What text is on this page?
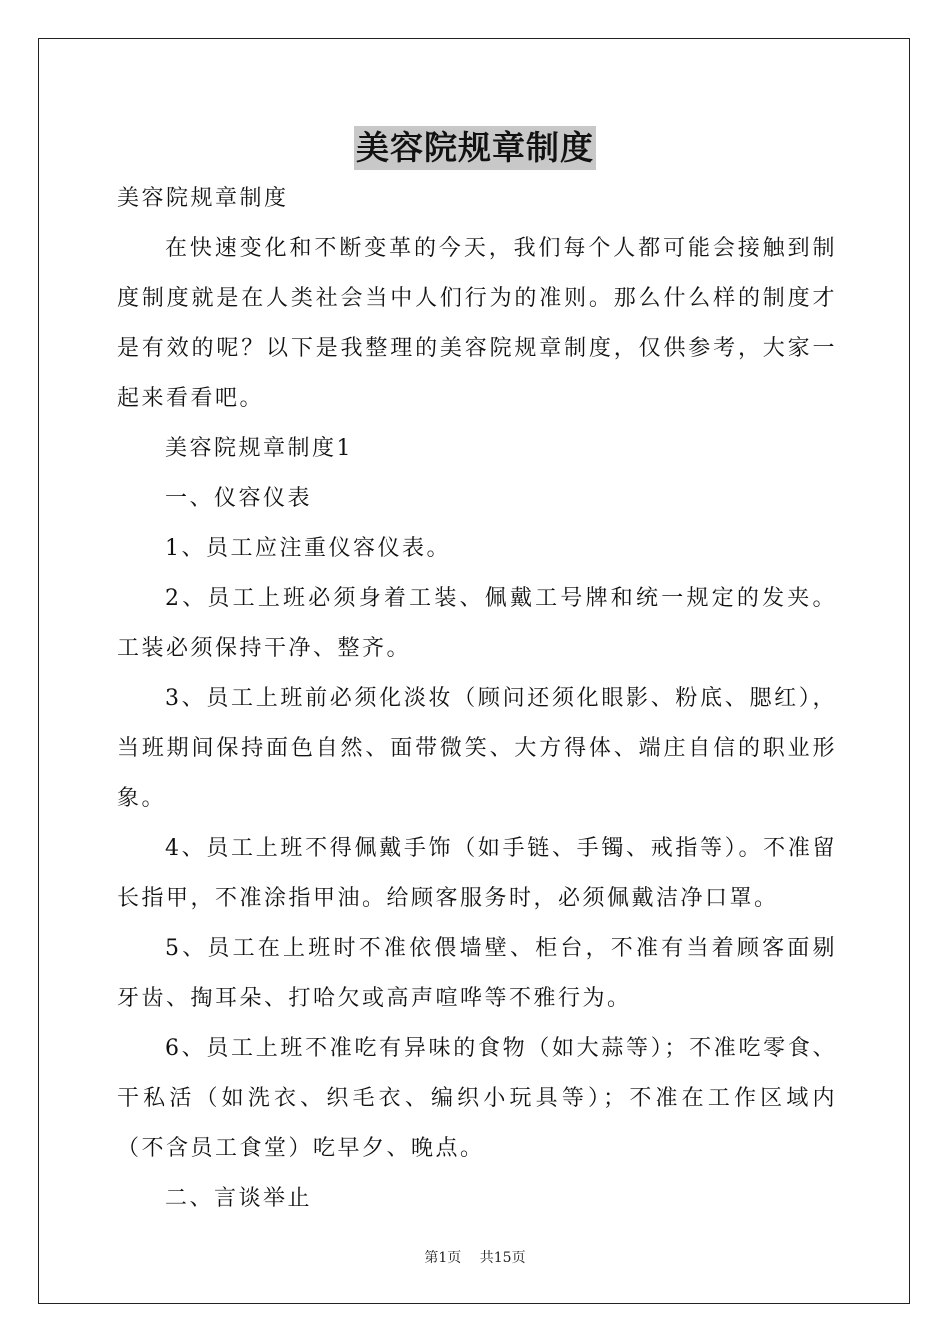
美容院规章制度

美容院规章制度

在快速变化和不断变革的今天，我们每个人都可能会接触到制度制度就是在人类社会当中人们行为的准则。那么什么样的制度才是有效的呢？以下是我整理的美容院规章制度，仅供参考，大家一起来看看吧。

美容院规章制度1

一、仪容仪表

1、员工应注重仪容仪表。

2、员工上班必须身着工装、佩戴工号牌和统一规定的发夹。工装必须保持干净、整齐。

3、员工上班前必须化淡妆（顾问还须化眼影、粉底、腮红），当班期间保持面色自然、面带微笑、大方得体、端庄自信的职业形象。

4、员工上班不得佩戴手饰（如手链、手镯、戒指等）。不准留长指甲，不准涂指甲油。给顾客服务时，必须佩戴洁净口罩。

5、员工在上班时不准依偎墙壁、柜台，不准有当着顾客面剔牙齿、掏耳朵、打哈欠或高声喧哗等不雅行为。

6、员工上班不准吃有异味的食物（如大蒜等）；不准吃零食、干私活（如洗衣、织毛衣、编织小玩具等）；不准在工作区域内（不含员工食堂）吃早夕、晚点。

二、言谈举止

第1页 共15页
